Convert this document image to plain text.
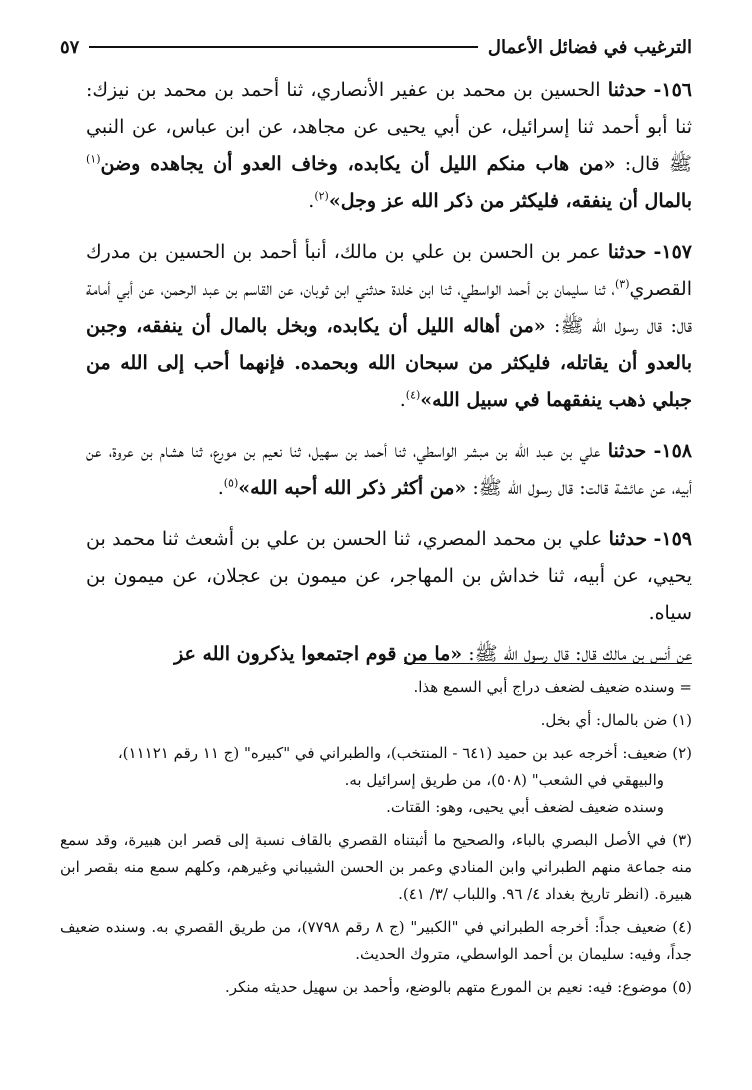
الترغيب في فضائل الأعمال
٥٧

١٥٦- حدثنا الحسين بن محمد بن عفير الأنصاري، ثنا أحمد بن محمد بن نيزك: ثنا أبو أحمد ثنا إسرائيل، عن أبي يحيى عن مجاهد، عن ابن عباس، عن النبي ﷺ قال: «من هاب منكم الليل أن يكابده، وخاف العدو أن يجاهده وضن$^{(١)}$ بالمال أن ينفقه، فليكثر من ذكر الله عز وجل»$^{(٢)}$.

١٥٧- حدثنا عمر بن الحسن بن علي بن مالك، أنبأ أحمد بن الحسين بن مدرك القصري$^{(٣)}$، ثنا سليمان بن أحمد الواسطي، ثنا ابن خلدة حدثني ابن ثوبان، عن القاسم بن عبد الرحمن، عن أبي أمامة قال: قال رسول الله ﷺ: «من أهاله الليل أن يكابده، وبخل بالمال أن ينفقه، وجبن بالعدو أن يقاتله، فليكثر من سبحان الله وبحمده. فإنهما أحب إلى الله من جبلي ذهب ينفقهما في سبيل الله»$^{(٤)}$.

١٥٨- حدثنا علي بن عبد الله بن مبشر الواسطي، ثنا أحمد بن سهيل، ثنا نعيم بن مورع، ثنا هشام بن عروة، عن أبيه، عن عائشة قالت: قال رسول الله ﷺ: «من أكثر ذكر الله أحبه الله»$^{(٥)}$.

١٥٩- حدثنا علي بن محمد المصري، ثنا الحسن بن علي بن أشعث ثنا محمد بن يحيي، عن أبيه، ثنا خداش بن المهاجر، عن ميمون بن عجلان، عن ميمون بن سياه.

عن أنس بن مالك قال: قال رسول الله ﷺ: «ما من قوم اجتمعوا يذكرون الله عز

= وسنده ضعيف لضعف دراج أبي السمع هذا.

(١) ضن بالمال: أي بخل.

(٢) ضعيف: أخرجه عبد بن حميد (٦٤١ - المنتخب)، والطبراني في "كبيره" (ج ١١ رقم ١١١٢١)،

والبيهقي في الشعب" (٥٠٨)، من طريق إسرائيل به.

وسنده ضعيف لضعف أبي يحيى، وهو: القتات.

(٣) في الأصل البصري بالباء، والصحيح ما أثبتناه القصري بالقاف نسبة إلى قصر ابن هبيرة، وقد سمع منه جماعة منهم الطبراني وابن المنادي وعمر بن الحسن الشيباني وغيرهم، وكلهم سمع منه بقصر ابن هبيرة. (انظر تاريخ بغداد ٤/ ٩٦. واللباب /٣/ ٤١).

(٤) ضعيف جداً: أخرجه الطبراني في "الكبير" (ج ٨ رقم ٧٧٩٨)، من طريق القصري به. وسنده ضعيف جداً، وفيه: سليمان بن أحمد الواسطي، متروك الحديث.

(٥) موضوع: فيه: نعيم بن المورع متهم بالوضع، وأحمد بن سهيل حديثه منكر.
